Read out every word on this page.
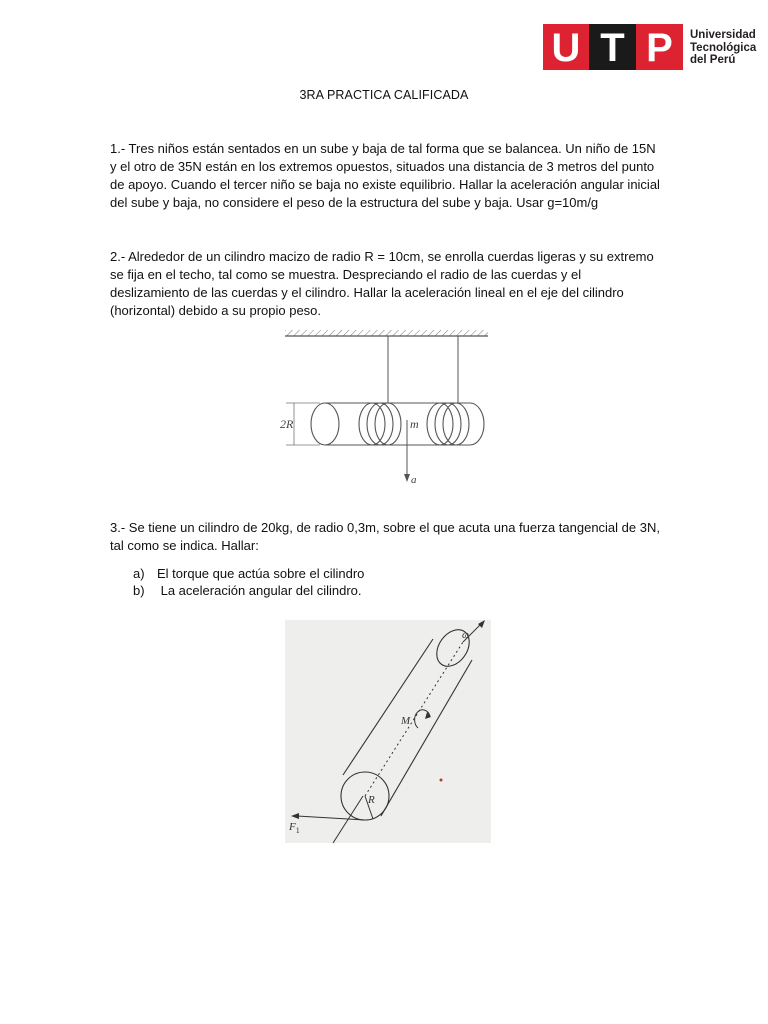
U T P Universidad
Tecnológica
del Perú
3RA PRACTICA CALIFICADA

1.- Tres niños están sentados en un sube y baja de tal forma que se balancea. Un niño de 15N y el otro de 35N están en los extremos opuestos, situados una distancia de 3 metros del punto de apoyo. Cuando el tercer niño se baja no existe equilibrio. Hallar la aceleración angular inicial del sube y baja, no considere el peso de la estructura del sube y baja. Usar g=10m/g

2.- Alrededor de un cilindro macizo de radio R = 10cm, se enrolla cuerdas ligeras y su extremo se fija en el techo, tal como se muestra. Despreciando el radio de las cuerdas y el deslizamiento de las cuerdas y el cilindro. Hallar la aceleración lineal en el eje del cilindro (horizontal) debido a su propio peso.

2R	m
a

3.- Se tiene un cilindro de 20kg, de radio 0,3m, sobre el que acuta una fuerza tangencial de 3N, tal como se indica. Hallar:

a) El torque que actúa sobre el cilindro
b) La aceleración angular del cilindro.
ω
M
R
$F_1$
